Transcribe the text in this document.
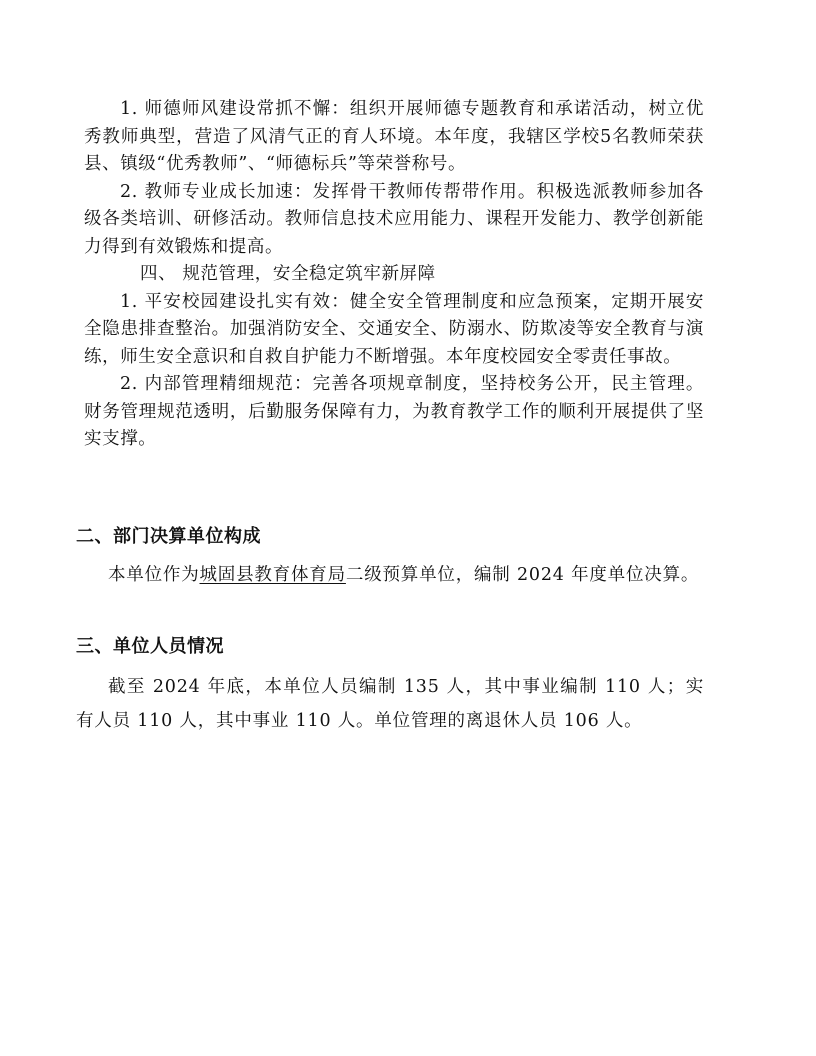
1. 师德师风建设常抓不懈：组织开展师德专题教育和承诺活动，树立优秀教师典型，营造了风清气正的育人环境。本年度，我辖区学校5名教师荣获县、镇级“优秀教师”、“师德标兵”等荣誉称号。

2. 教师专业成长加速：发挥骨干教师传帮带作用。积极选派教师参加各级各类培训、研修活动。教师信息技术应用能力、课程开发能力、教学创新能力得到有效锻炼和提高。

四、 规范管理，安全稳定筑牢新屏障

1. 平安校园建设扎实有效：健全安全管理制度和应急预案，定期开展安全隐患排查整治。加强消防安全、交通安全、防溺水、防欺凌等安全教育与演练，师生安全意识和自救自护能力不断增强。本年度校园安全零责任事故。

2. 内部管理精细规范：完善各项规章制度，坚持校务公开，民主管理。财务管理规范透明，后勤服务保障有力，为教育教学工作的顺利开展提供了坚实支撑。

二、部门决算单位构成

本单位作为城固县教育体育局二级预算单位，编制 2024 年度单位决算。

三、单位人员情况

截至 2024 年底，本单位人员编制 135 人，其中事业编制 110 人；实有人员 110 人，其中事业 110 人。单位管理的离退休人员 106 人。
